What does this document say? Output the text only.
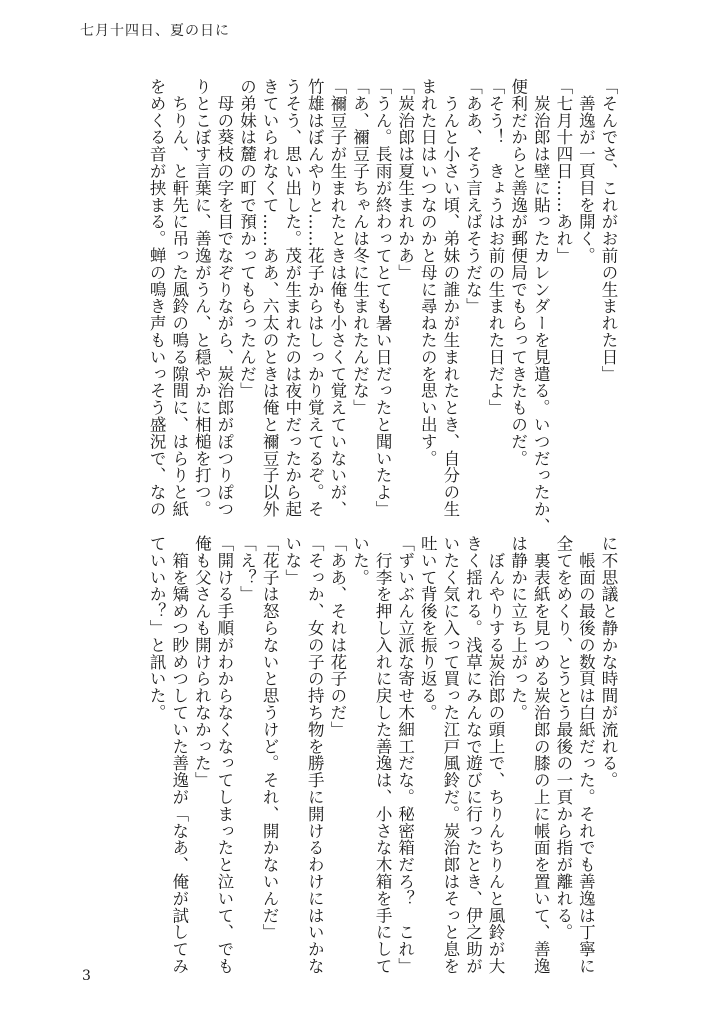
七月十四日、夏の日に

「そんでさ、これがお前の生まれた日」

　善逸が一頁目を開く。

「七月十四日……あれ」

　炭治郎は壁に貼ったカレンダーを見遣る。いつだったか、

便利だからと善逸が郵便局でもらってきたものだ。

「そう！　きょうはお前の生まれた日だよ」

「ああ、そう言えばそうだな」

　うんと小さい頃、弟妹の誰かが生まれたとき、自分の生

まれた日はいつなのかと母に尋ねたのを思い出す。

「炭治郎は夏生まれかあ」

「うん。長雨が終わってとても暑い日だったと聞いたよ」

「あ、禰豆子ちゃんは冬に生まれたんだな」

「禰豆子が生まれたときは俺も小さくて覚えていないが、

竹雄はぼんやりと……花子からはしっかり覚えてるぞ。そ

うそう、思い出した。茂が生まれたのは夜中だったから起

きていられなくて……ああ、六太のときは俺と禰豆子以外

の弟妹は麓の町で預かってもらったんだ」

　母の葵枝の字を目でなぞりながら、炭治郎がぽつりぽつ

りとこぼす言葉に、善逸がうん、と穏やかに相槌を打つ。

　ちりん、と軒先に吊った風鈴の鳴る隙間に、はらりと紙

をめくる音が挟まる。蝉の鳴き声もいっそう盛況で、なの

に不思議と静かな時間が流れる。

　帳面の最後の数頁は白紙だった。それでも善逸は丁寧に

全てをめくり、とうとう最後の一頁から指が離れる。

　裏表紙を見つめる炭治郎の膝の上に帳面を置いて、善逸

は静かに立ち上がった。

　ぼんやりする炭治郎の頭上で、ちりんちりんと風鈴が大

きく揺れる。浅草にみんなで遊びに行ったとき、伊之助が

いたく気に入って買った江戸風鈴だ。炭治郎はそっと息を

吐いて背後を振り返る。

「ずいぶん立派な寄せ木細工だな。秘密箱だろ？　これ」

　行李を押し入れに戻した善逸は、小さな木箱を手にして

いた。

「ああ、それは花子のだ」

「そっか、女の子の持ち物を勝手に開けるわけにはいかな

いな」

「花子は怒らないと思うけど。それ、開かないんだ」

「え？」

「開ける手順がわからなくなってしまったと泣いて、でも

俺も父さんも開けられなかった」

　箱を矯めつ眇めつしていた善逸が「なあ、俺が試してみ

ていいか？」と訊いた。

3
